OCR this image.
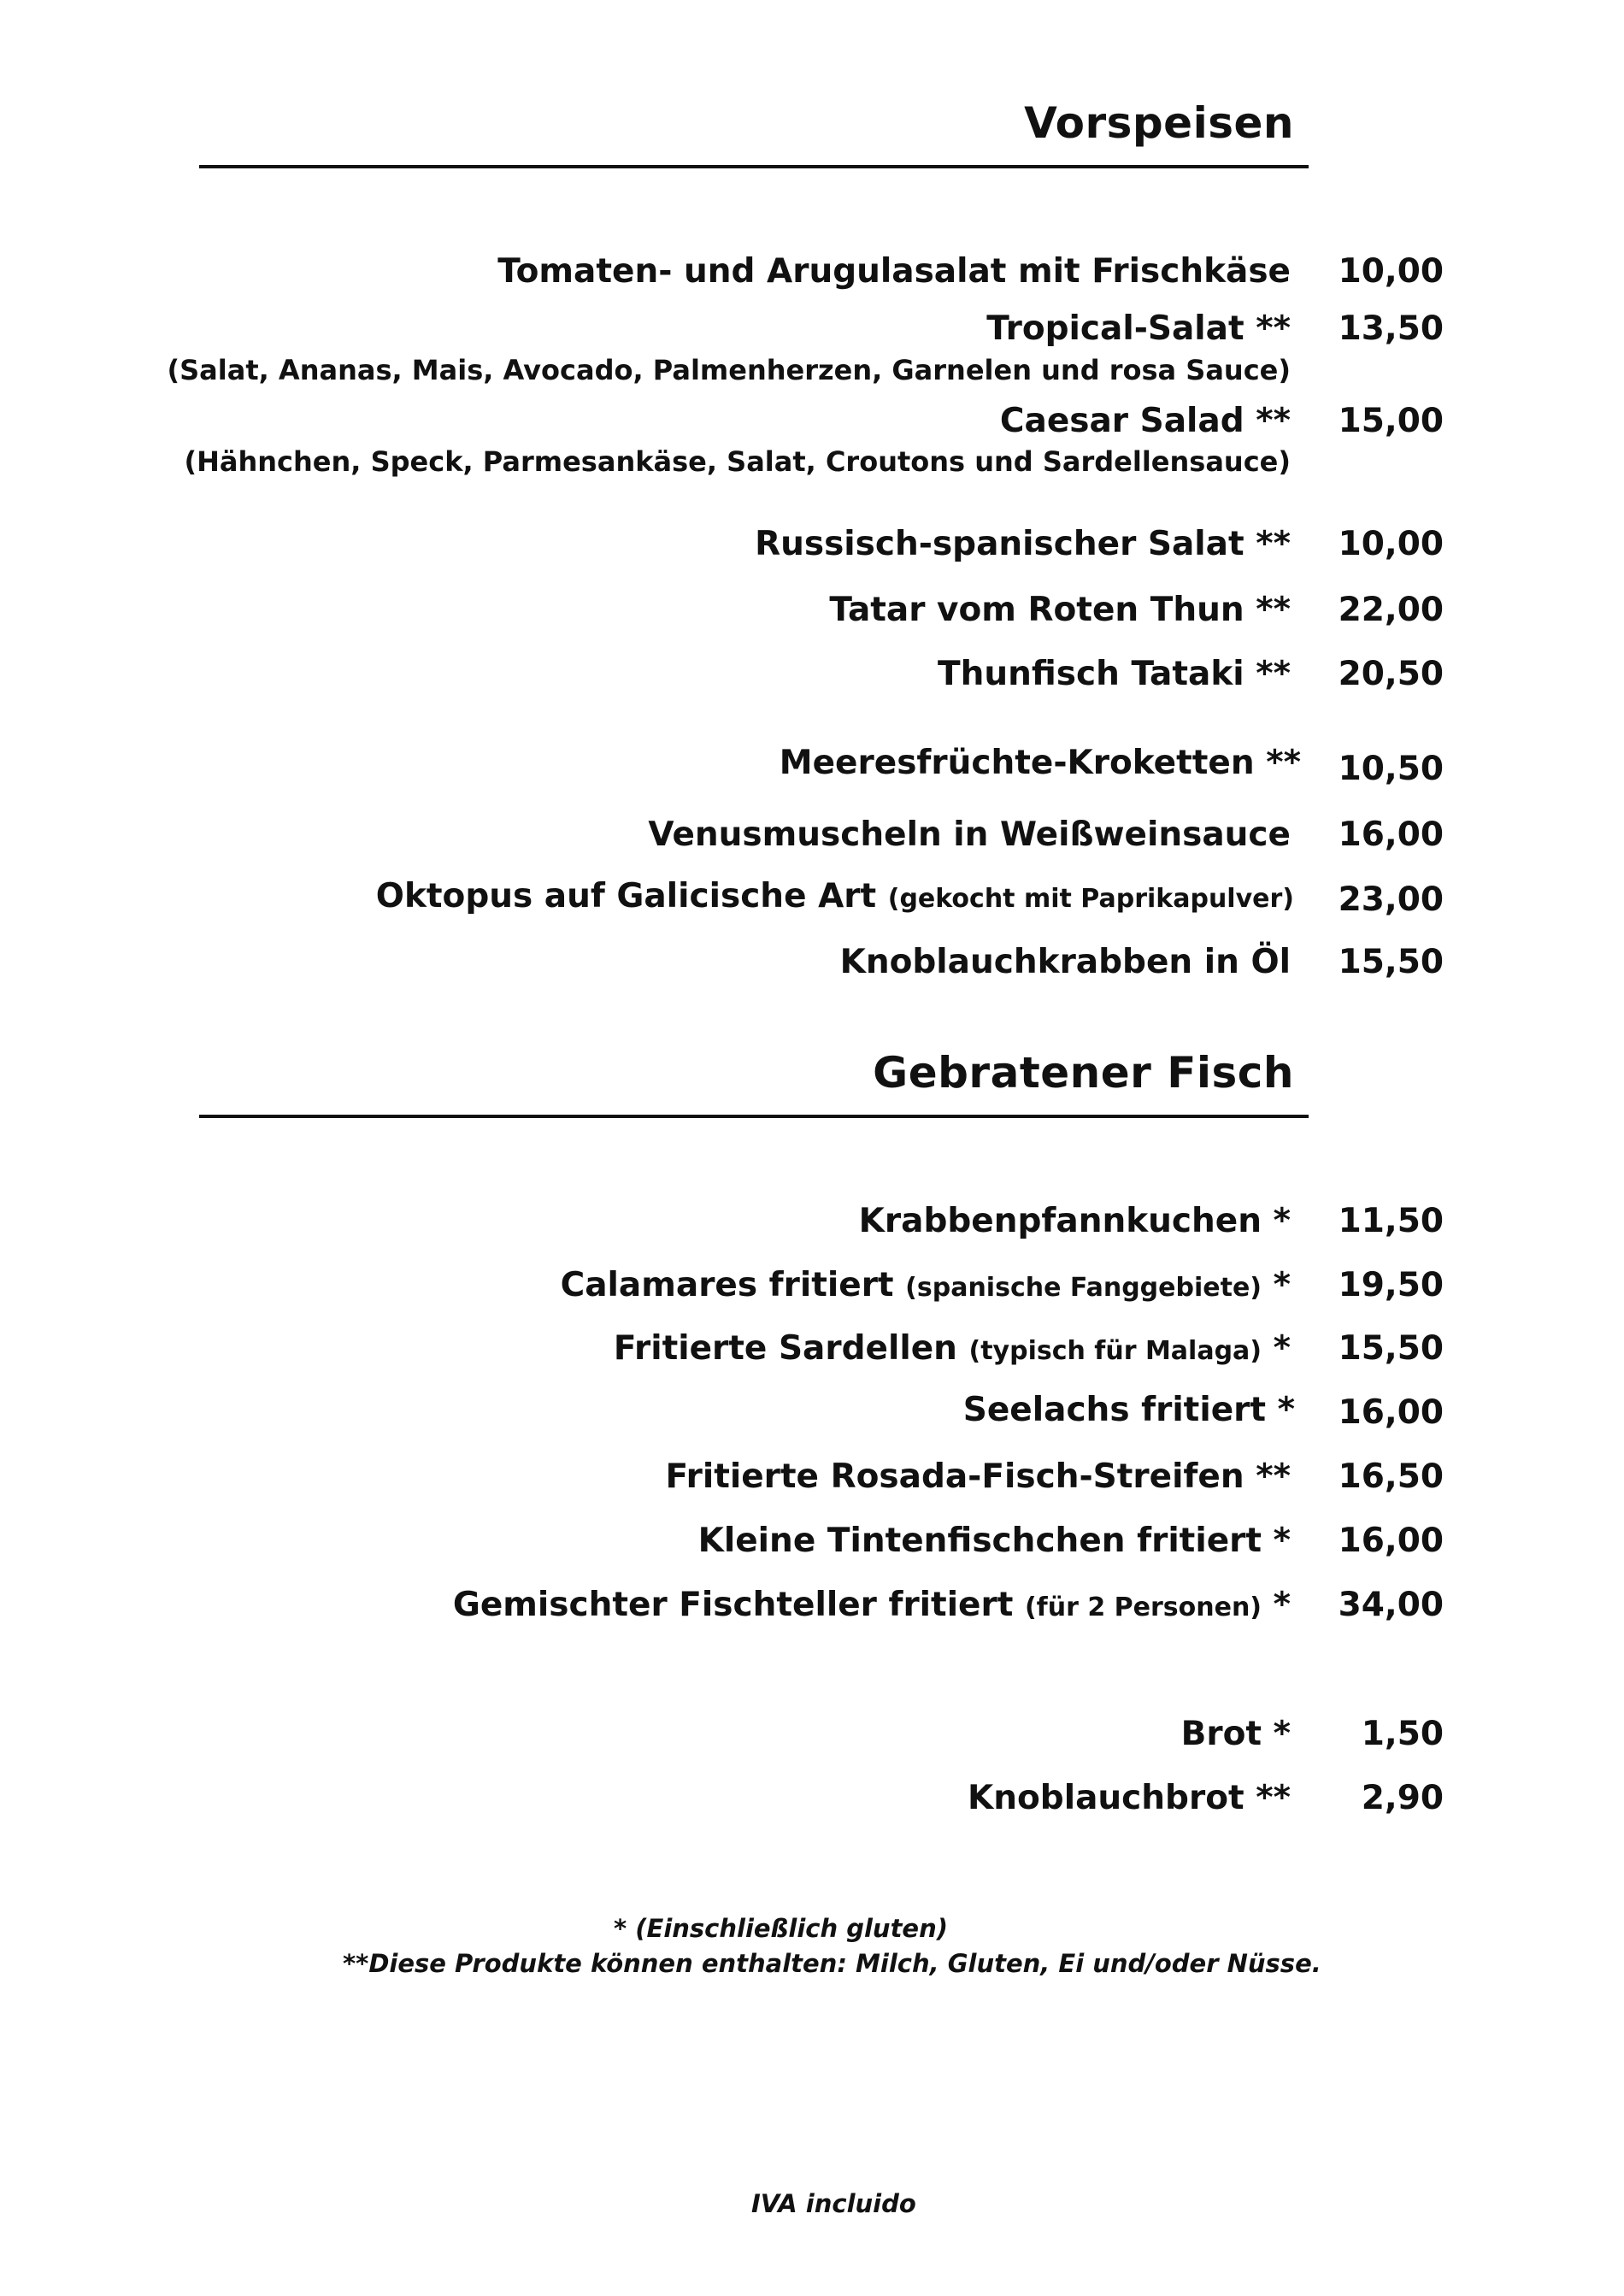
Vorspeisen
Tomaten- und Arugulasalat mit Frischkäse 10,00
Tropical-Salat ** 13,50
(Salat, Ananas, Mais, Avocado, Palmenherzen, Garnelen und rosa Sauce)
Caesar Salad ** 15,00
(Hähnchen, Speck, Parmesankäse, Salat, Croutons und Sardellensauce)
Russisch-spanischer Salat ** 10,00
Tatar vom Roten Thun ** 22,00
Thunfisch Tataki ** 20,50
Meeresfrüchte-Kroketten ** 10,50
Venusmuscheln in Weißweinsauce 16,00
Oktopus auf Galicische Art (gekocht mit Paprikapulver) 23,00
Knoblauchkrabben in Öl 15,50
Gebratener Fisch
Krabbenpfannkuchen * 11,50
Calamares fritiert (spanische Fanggebiete) * 19,50
Fritierte Sardellen (typisch für Malaga) * 15,50
Seelachs fritiert * 16,00
Fritierte Rosada-Fisch-Streifen ** 16,50
Kleine Tintenfischchen fritiert * 16,00
Gemischter Fischteller fritiert (für 2 Personen) * 34,00
Brot * 1,50
Knoblauchbrot ** 2,90
* (Einschließlich gluten)
**Diese Produkte können enthalten: Milch, Gluten, Ei und/oder Nüsse.
IVA incluido
